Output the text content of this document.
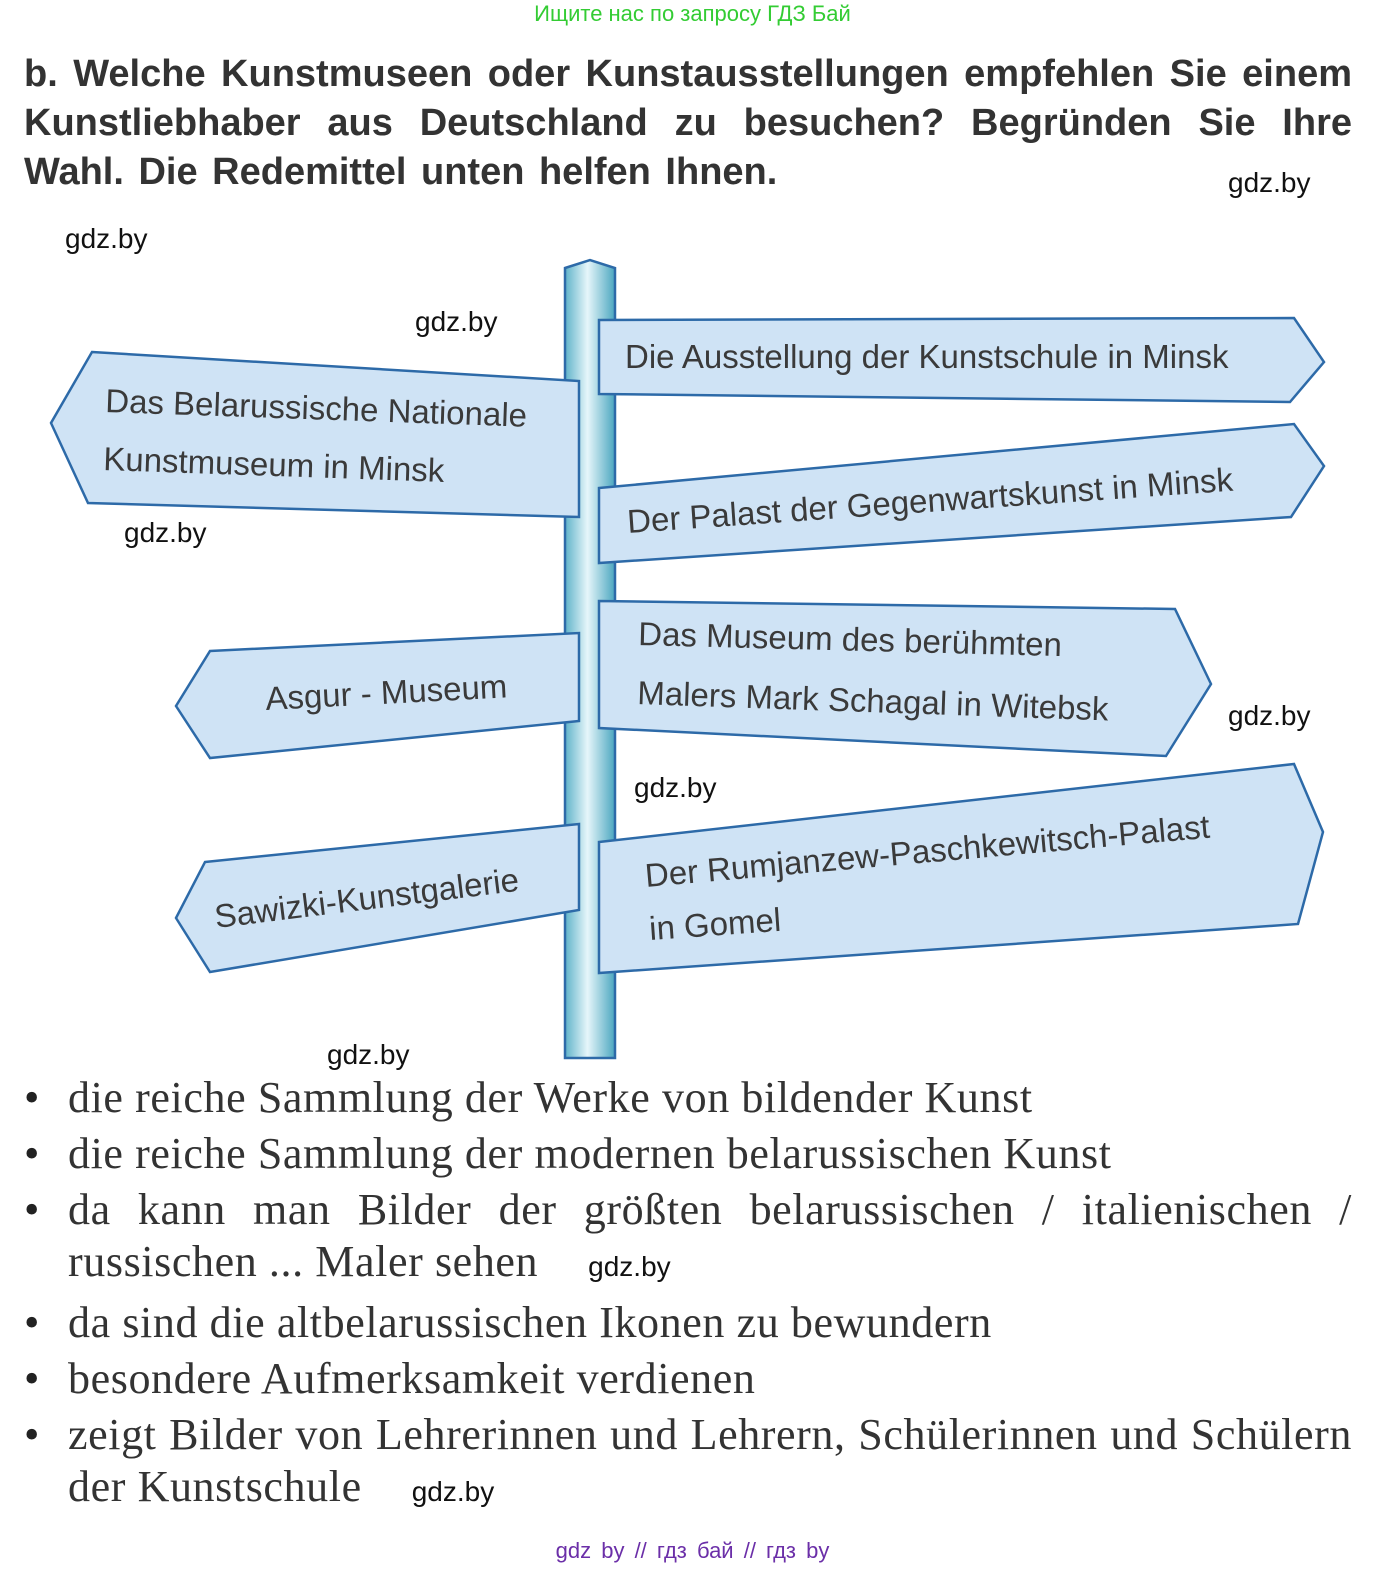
Ищите нас по запросу ГДЗ Бай
b. Welche Kunstmuseen oder Kunstausstellungen empfehlen Sie einem Kunstliebhaber aus Deutschland zu besuchen? Begründen Sie Ihre Wahl. Die Redemittel unten helfen Ihnen.	gdz.by
gdz.by
gdz.by
gdz.by
gdz.by
gdz.by
gdz.by
Das Belarussische Nationale
Kunstmuseum in Minsk
Asgur - Museum
Sawizki-Kunstgalerie
Die Ausstellung der Kunstschule in Minsk
Der Palast der Gegenwartskunst in Minsk
Das Museum des berühmten
Malers Mark Schagal in Witebsk
Der Rumjanzew-Paschkewitsch-Palast
in Gomel
• die reiche Sammlung der Werke von bildender Kunst
• die reiche Sammlung der modernen belarussischen Kunst
• da kann man Bilder der größten belarussischen / italienischen / russischen ... Maler sehen gdz.by
• da sind die altbelarussischen Ikonen zu bewundern
• besondere Aufmerksamkeit verdienen
• zeigt Bilder von Lehrerinnen und Lehrern, Schülerinnen und Schülern der Kunstschule gdz.by
gdz by // гдз бай // гдз by
